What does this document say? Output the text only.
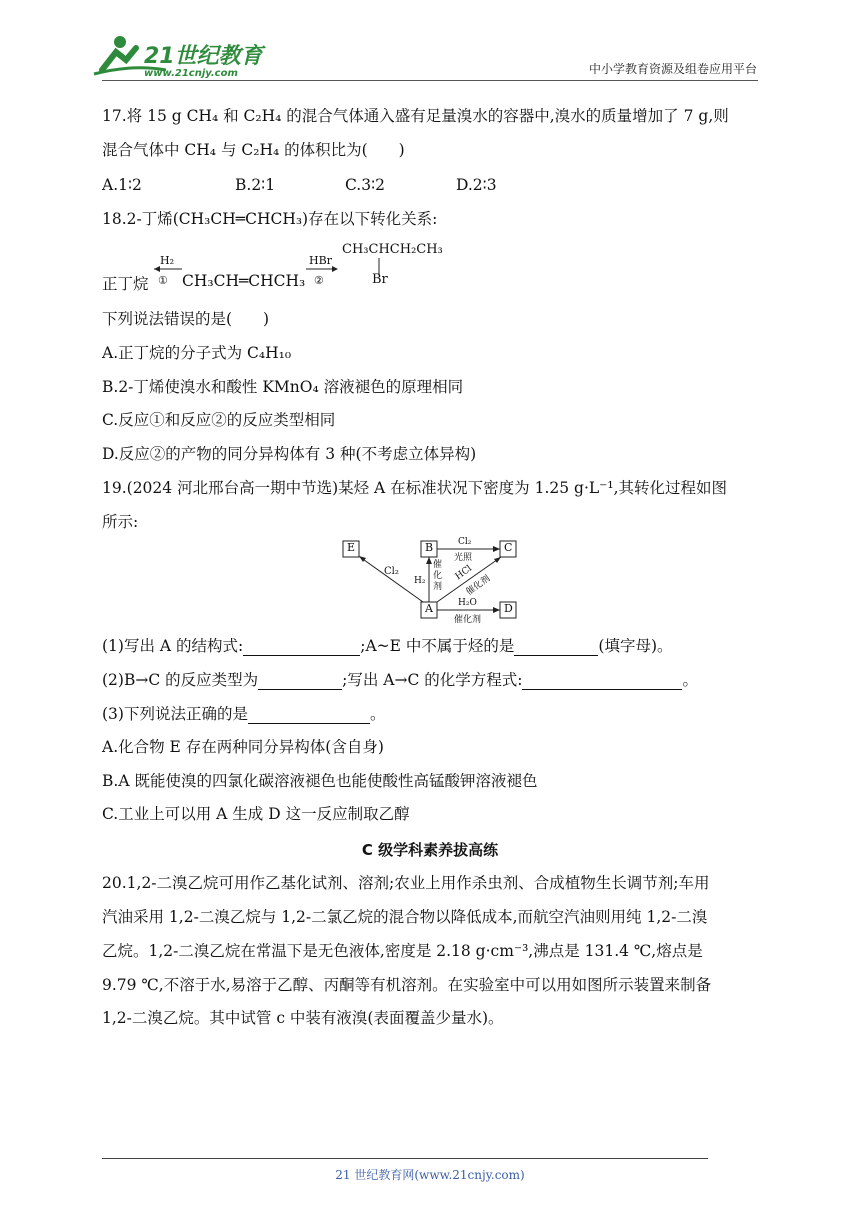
21世纪教育
www.21cnjy.com	中小学教育资源及组卷应用平台
17.将 15 g CH₄ 和 C₂H₄ 的混合气体通入盛有足量溴水的容器中,溴水的质量增加了 7 g,则
混合气体中 CH₄ 与 C₂H₄ 的体积比为(　　)
A.1∶2	B.2∶1	C.3∶2	D.2∶3
18.2-丁烯(CH₃CH═CHCH₃)存在以下转化关系:
正丁烷
H₂
① CH₃CH═CHCH₃
HBr
②
CH₃CHCH₂CH₃
Br
下列说法错误的是(　　)
A.正丁烷的分子式为 C₄H₁₀
B.2-丁烯使溴水和酸性 KMnO₄ 溶液褪色的原理相同
C.反应①和反应②的反应类型相同
D.反应②的产物的同分异构体有 3 种(不考虑立体异构)
19.(2024 河北邢台高一期中节选)某烃 A 在标准状况下密度为 1.25 g·L⁻¹,其转化过程如图
所示:
E	B	C
A	D
Cl₂
H₂
催化剂
Cl₂
光照
HCl
催化剂
H₂O
催化剂
(1)写出 A 的结构式:	;A~E 中不属于烃的是	(填字母)。
(2)B→C 的反应类型为	;写出 A→C 的化学方程式:	。
(3)下列说法正确的是	。
A.化合物 E 存在两种同分异构体(含自身)
B.A 既能使溴的四氯化碳溶液褪色也能使酸性高锰酸钾溶液褪色
C.工业上可以用 A 生成 D 这一反应制取乙醇
C 级学科素养拔高练
20.1,2-二溴乙烷可用作乙基化试剂、溶剂;农业上用作杀虫剂、合成植物生长调节剂;车用
汽油采用 1,2-二溴乙烷与 1,2-二氯乙烷的混合物以降低成本,而航空汽油则用纯 1,2-二溴
乙烷。1,2-二溴乙烷在常温下是无色液体,密度是 2.18 g·cm⁻³,沸点是 131.4 ℃,熔点是
9.79 ℃,不溶于水,易溶于乙醇、丙酮等有机溶剂。在实验室中可以用如图所示装置来制备
1,2-二溴乙烷。其中试管 c 中装有液溴(表面覆盖少量水)。
21 世纪教育网(www.21cnjy.com)
